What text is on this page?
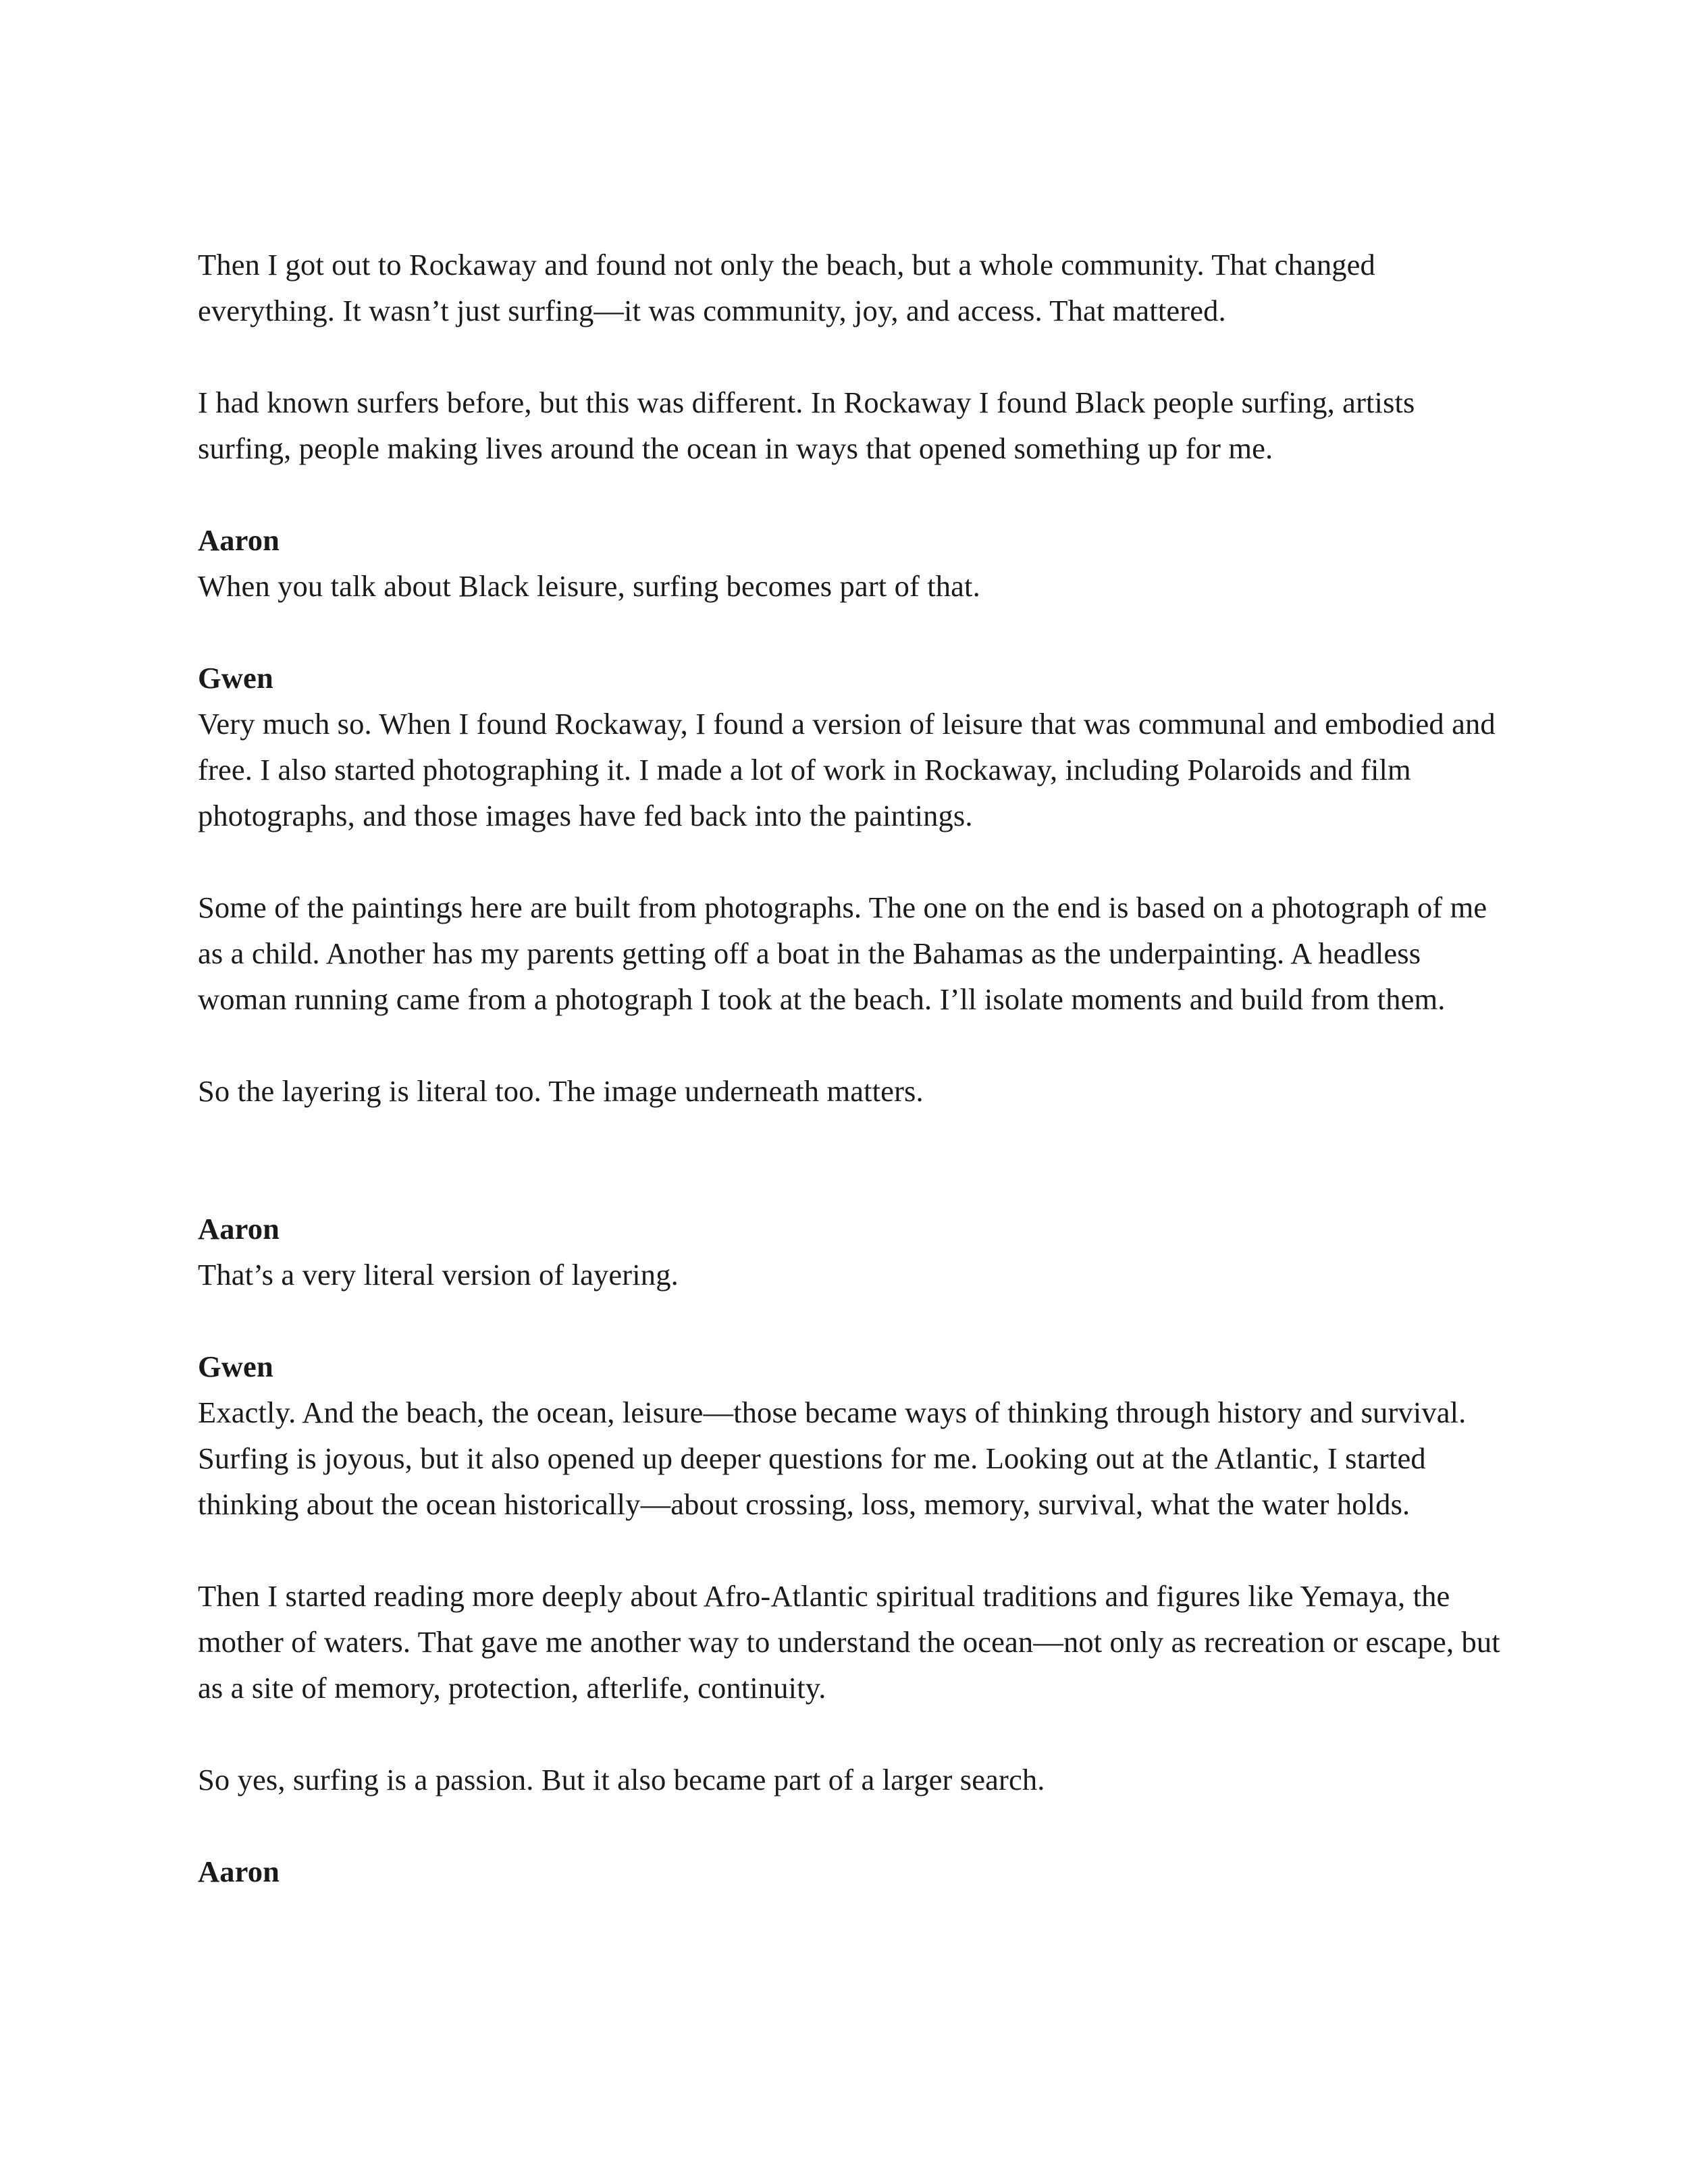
Then I got out to Rockaway and found not only the beach, but a whole community. That changed everything. It wasn’t just surfing—it was community, joy, and access. That mattered.

I had known surfers before, but this was different. In Rockaway I found Black people surfing, artists surfing, people making lives around the ocean in ways that opened something up for me.

Aaron

When you talk about Black leisure, surfing becomes part of that.

Gwen

Very much so. When I found Rockaway, I found a version of leisure that was communal and embodied and free. I also started photographing it. I made a lot of work in Rockaway, including Polaroids and film photographs, and those images have fed back into the paintings.

Some of the paintings here are built from photographs. The one on the end is based on a photograph of me as a child. Another has my parents getting off a boat in the Bahamas as the underpainting. A headless woman running came from a photograph I took at the beach. I’ll isolate moments and build from them.

So the layering is literal too. The image underneath matters.

Aaron

That’s a very literal version of layering.

Gwen

Exactly. And the beach, the ocean, leisure—those became ways of thinking through history and survival. Surfing is joyous, but it also opened up deeper questions for me. Looking out at the Atlantic, I started thinking about the ocean historically—about crossing, loss, memory, survival, what the water holds.

Then I started reading more deeply about Afro-Atlantic spiritual traditions and figures like Yemaya, the mother of waters. That gave me another way to understand the ocean—not only as recreation or escape, but as a site of memory, protection, afterlife, continuity.

So yes, surfing is a passion. But it also became part of a larger search.

Aaron
